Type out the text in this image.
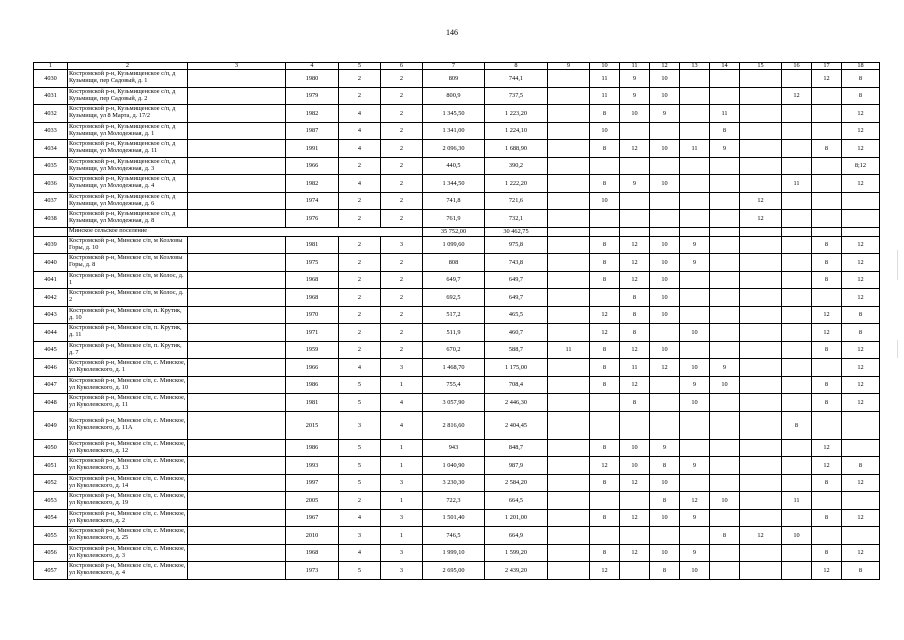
146
1	2	3	4	5	6	7	8	9	10	11	12	13	14	15	16	17	18
4030	Костромской р-н, Кузьмищенское с/п, д Кузьмищи, пер Садовый, д. 1		1980	2	2	809	744,1		11	9	10					12	8
4031	Костромской р-н, Кузьмищенское с/п, д Кузьмищи, пер Садовый, д. 2		1979	2	2	800,9	737,5		11	9	10				12		8
4032	Костромской р-н, Кузьмищенское с/п, д Кузьмищи, ул 8 Марта, д. 17/2		1982	4	2	1 345,50	1 223,20		8	10	9		11				12
4033	Костромской р-н, Кузьмищенское с/п, д Кузьмищи, ул Молодежная, д. 1		1987	4	2	1 341,00	1 224,10		10				8				12
4034	Костромской р-н, Кузьмищенское с/п, д Кузьмищи, ул Молодежная, д. 11		1991	4	2	2 096,30	1 688,90		8	12	10	11	9			8	12
4035	Костромской р-н, Кузьмищенское с/п, д Кузьмищи, ул Молодежная, д. 3		1966	2	2	440,5	390,2										8;12
4036	Костромской р-н, Кузьмищенское с/п, д Кузьмищи, ул Молодежная, д. 4		1982	4	2	1 344,50	1 222,20		8	9	10				11		12
4037	Костромской р-н, Кузьмищенское с/п, д Кузьмищи, ул Молодежная, д. 6		1974	2	2	741,8	721,6		10					12			
4038	Костромской р-н, Кузьмищенское с/п, д Кузьмищи, ул Молодежная, д. 8		1976	2	2	761,9	732,1							12			
	Минское сельское поселение					35 752,00	30 462,75										
4039	Костромской р-н, Минское с/п, м Козловы Горы, д. 10		1981	2	3	1 099,60	975,8		8	12	10	9				8	12
4040	Костромской р-н, Минское с/п, м Козловы Горы, д. 8		1975	2	2	808	743,8		8	12	10	9				8	12
4041	Костромской р-н, Минское с/п, м Колос, д. 1		1968	2	2	649,7	649,7		8	12	10					8	12
4042	Костромской р-н, Минское с/п, м Колос, д. 2		1968	2	2	692,5	649,7			8	10						12
4043	Костромской р-н, Минское с/п, п. Крутик, д. 10		1970	2	2	517,2	465,5		12	8	10					12	8
4044	Костромской р-н, Минское с/п, п. Крутик, д. 11		1971	2	2	511,9	460,7		12	8		10				12	8
4045	Костромской р-н, Минское с/п, п. Крутик, д. 7		1959	2	2	670,2	588,7	11	8	12	10					8	12
4046	Костромской р-н, Минское с/п, с. Минское, ул Куколевского, д. 1		1966	4	3	1 468,70	1 175,00		8	11	12	10	9				12
4047	Костромской р-н, Минское с/п, с. Минское, ул Куколевского, д. 10		1986	5	1	755,4	708,4		8	12		9	10			8	12
4048	Костромской р-н, Минское с/п, с. Минское, ул Куколевского, д. 11		1981	5	4	3 057,90	2 446,30			8		10				8	12
4049	Костромской р-н, Минское с/п, с. Минское, ул Куколевского, д. 11А		2015	3	4	2 816,60	2 404,45								8		
4050	Костромской р-н, Минское с/п, с. Минское, ул Куколевского, д. 12		1986	5	1	943	848,7		8	10	9					12	
4051	Костромской р-н, Минское с/п, с. Минское, ул Куколевского, д. 13		1993	5	1	1 040,90	987,9		12	10	8	9				12	8
4052	Костромской р-н, Минское с/п, с. Минское, ул Куколевского, д. 14		1997	5	3	3 230,30	2 584,20		8	12	10					8	12
4053	Костромской р-н, Минское с/п, с. Минское, ул Куколевского, д. 19		2005	2	1	722,3	664,5				8	12	10		11		
4054	Костромской р-н, Минское с/п, с. Минское, ул Куколевского, д. 2		1967	4	3	1 501,40	1 201,00		8	12	10	9				8	12
4055	Костромской р-н, Минское с/п, с. Минское, ул Куколевского, д. 25		2010	3	1	746,5	664,9						8	12	10		
4056	Костромской р-н, Минское с/п, с. Минское, ул Куколевского, д. 3		1968	4	3	1 999,10	1 599,20		8	12	10	9				8	12
4057	Костромской р-н, Минское с/п, с. Минское, ул Куколевского, д. 4		1973	5	3	2 695,00	2 439,20		12		8	10				12	8
